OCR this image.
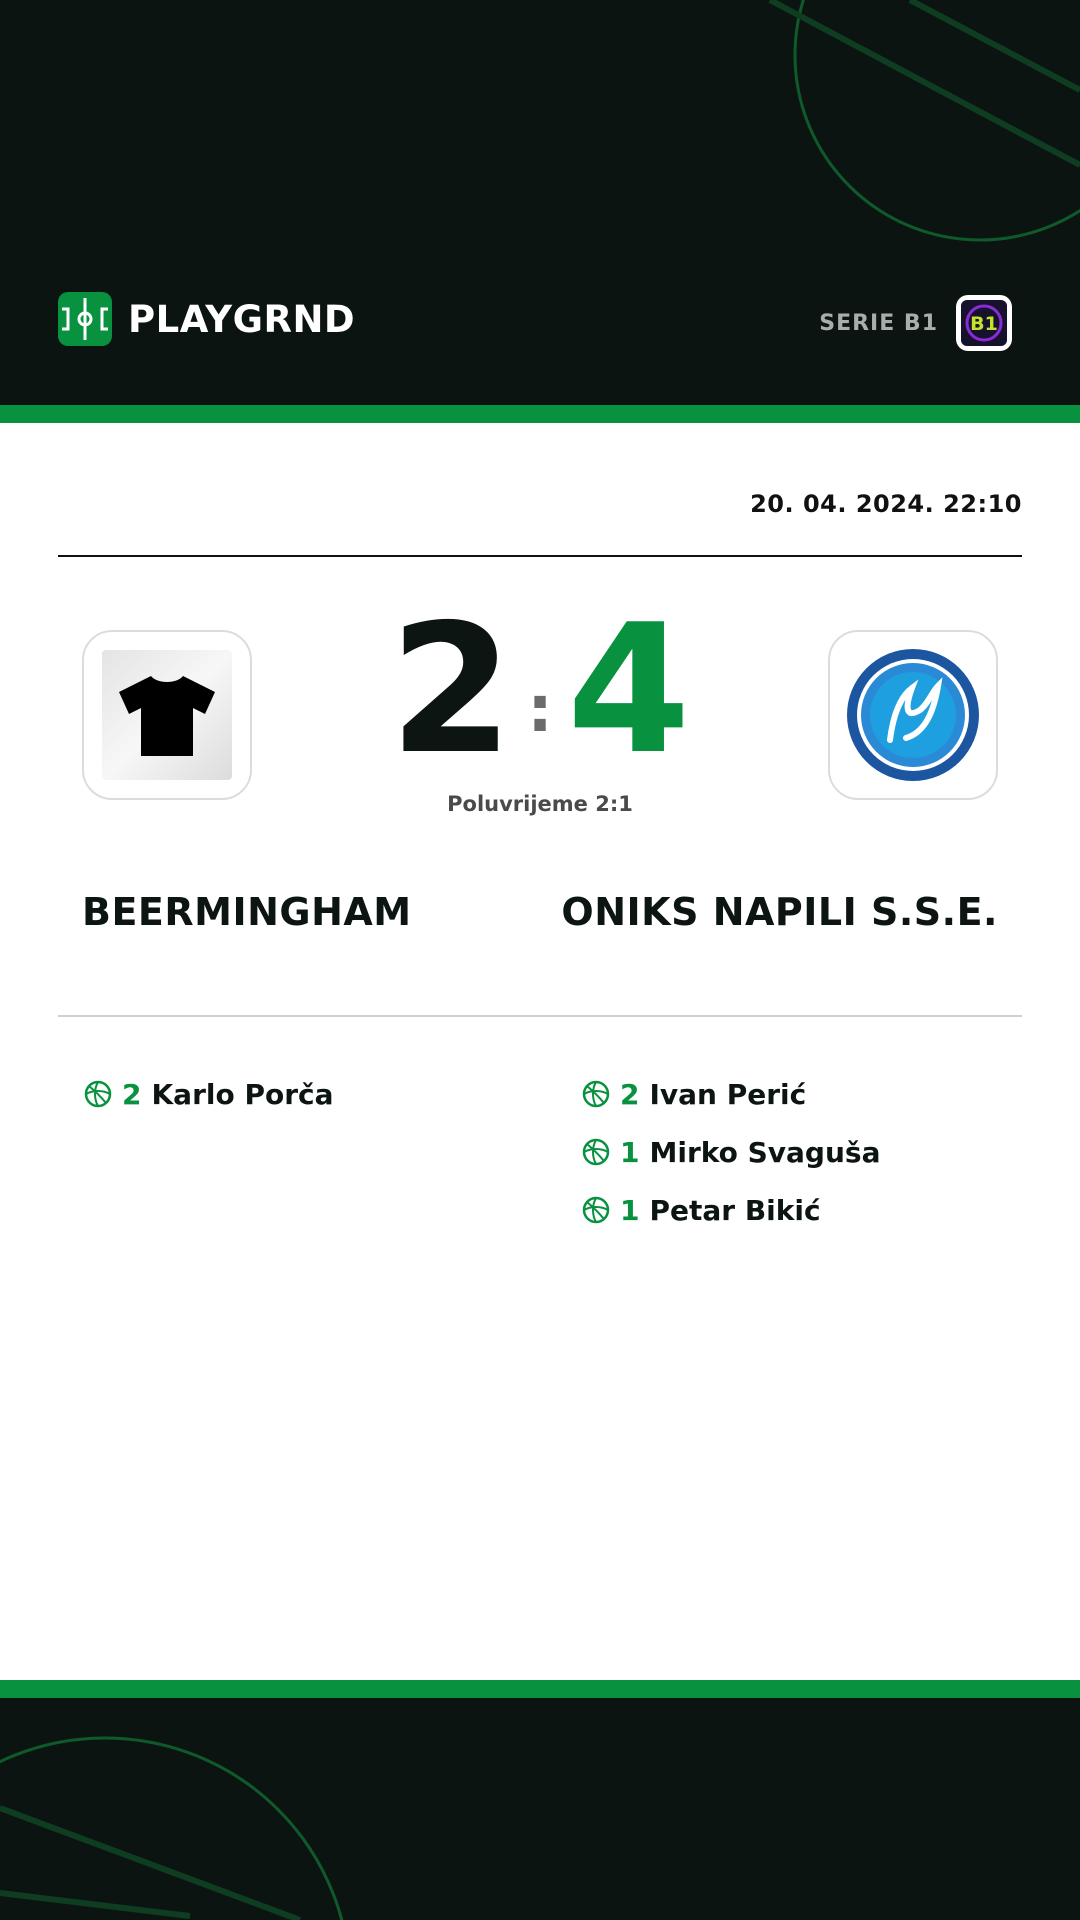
PLAYGRND	SERIE B1 B1
20. 04. 2024. 22:10
2 : 4
Poluvrijeme 2:1
BEERMINGHAM	ONIKS NAPILI S.S.E.
2 Karlo Porča	2 Ivan Perić
1 Mirko Svaguša
1 Petar Bikić
